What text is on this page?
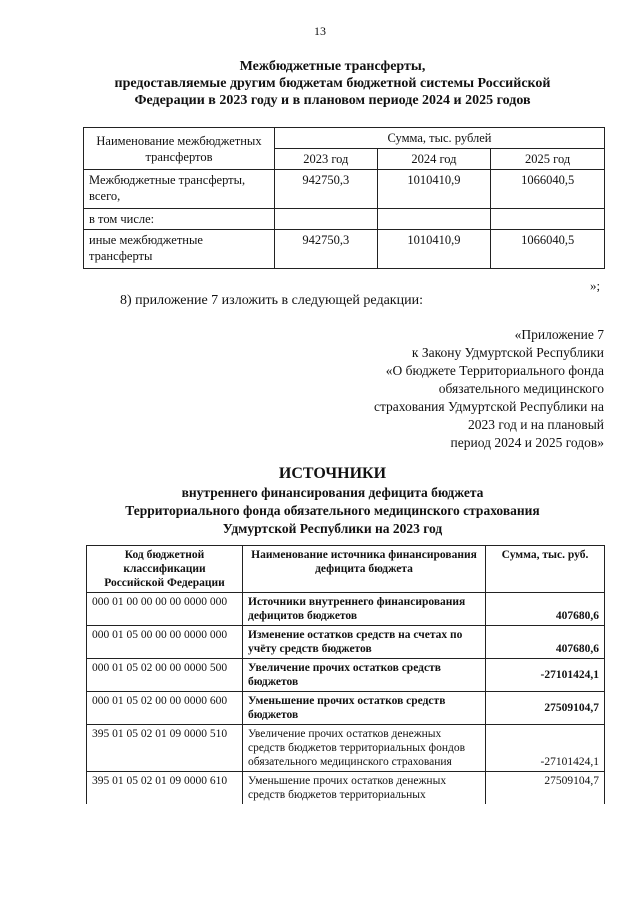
13
Межбюджетные трансферты,
предоставляемые другим бюджетам бюджетной системы Российской
Федерации в 2023 году и в плановом периоде 2024 и 2025 годов
Наименование межбюджетных трансфертов	Сумма, тыс. рублей		
	2023 год	2024 год	2025 год
Межбюджетные трансферты, всего,	942750,3	1010410,9	1066040,5
в том числе:			
иные межбюджетные трансферты	942750,3	1010410,9	1066040,5
»;
8) приложение 7 изложить в следующей редакции:
«Приложение 7
к Закону Удмуртской Республики
«О бюджете Территориального фонда
обязательного медицинского
страхования Удмуртской Республики на
2023 год и на плановый
период 2024 и 2025 годов»
ИСТОЧНИКИ
внутреннего финансирования дефицита бюджета
Территориального фонда обязательного медицинского страхования
Удмуртской Республики на 2023 год
Код бюджетной классификации Российской Федерации	Наименование источника финансирования дефицита бюджета	Сумма, тыс. руб.
000 01 00 00 00 00 0000 000	Источники внутреннего финансирования дефицитов бюджетов	407680,6
000 01 05 00 00 00 0000 000	Изменение остатков средств на счетах по учёту средств бюджетов	407680,6
000 01 05 02 00 00 0000 500	Увеличение прочих остатков средств бюджетов	-27101424,1
000 01 05 02 00 00 0000 600	Уменьшение прочих остатков средств бюджетов	27509104,7
395 01 05 02 01 09 0000 510	Увеличение прочих остатков денежных средств бюджетов территориальных фондов обязательного медицинского страхования	-27101424,1
395 01 05 02 01 09 0000 610	Уменьшение прочих остатков денежных средств бюджетов территориальных	27509104,7
